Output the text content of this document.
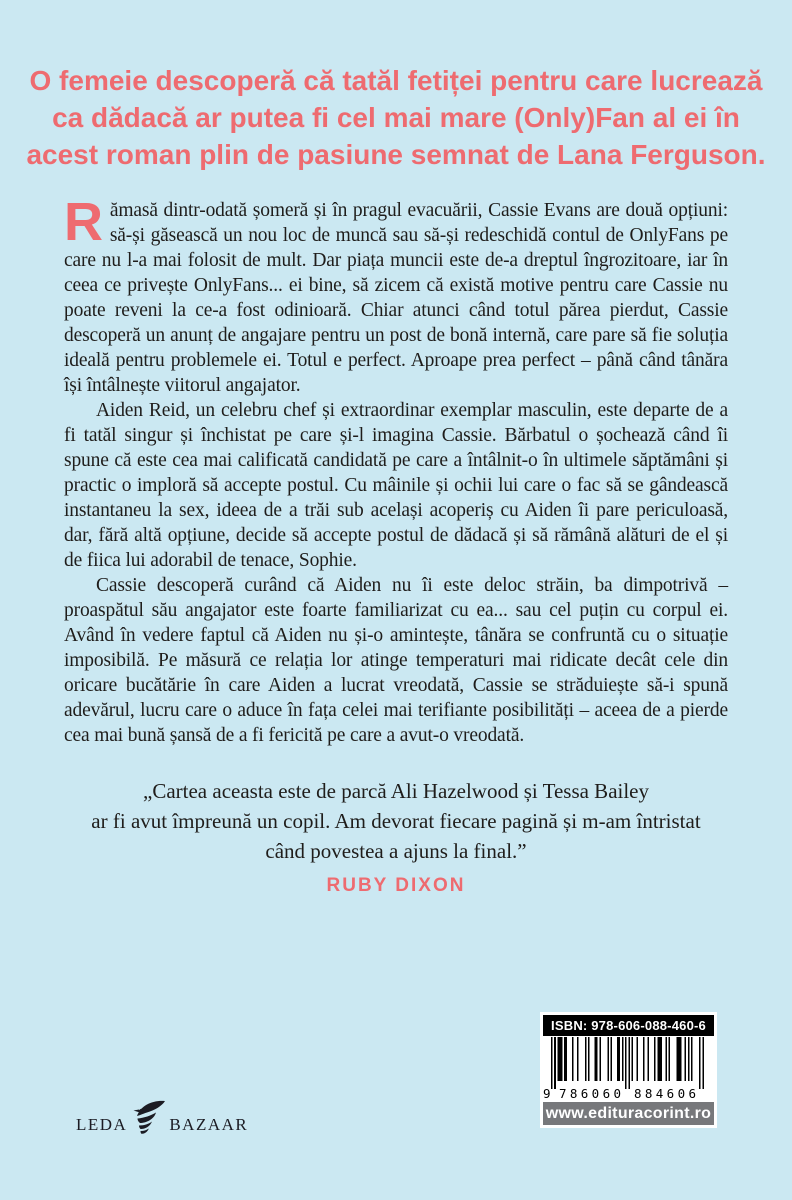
O femeie descoperă că tatăl fetiței pentru care lucrează
ca dădacă ar putea fi cel mai mare (Only)Fan al ei în
acest roman plin de pasiune semnat de Lana Ferguson.

Rămasă dintr-odată șomeră și în pragul evacuării, Cassie Evans are două opțiuni: să-și găsească un nou loc de muncă sau să-și redeschidă contul de OnlyFans pe care nu l-a mai folosit de mult. Dar piața muncii este de-a dreptul îngrozitoare, iar în ceea ce privește OnlyFans... ei bine, să zicem că există motive pentru care Cassie nu poate reveni la ce-a fost odinioară. Chiar atunci când totul părea pierdut, Cassie descoperă un anunț de angajare pentru un post de bonă internă, care pare să fie soluția ideală pentru problemele ei. Totul e perfect. Aproape prea perfect – până când tânăra își întâlnește viitorul angajator.

Aiden Reid, un celebru chef și extraordinar exemplar masculin, este departe de a fi tatăl singur și închistat pe care și-l imagina Cassie. Bărbatul o șochează când îi spune că este cea mai calificată candidată pe care a întâlnit-o în ultimele săptămâni și practic o imploră să accepte postul. Cu mâinile și ochii lui care o fac să se gândească instantaneu la sex, ideea de a trăi sub același acoperiș cu Aiden îi pare periculoasă, dar, fără altă opțiune, decide să accepte postul de dădacă și să rămână alături de el și de fiica lui adorabil de tenace, Sophie.

Cassie descoperă curând că Aiden nu îi este deloc străin, ba dimpotrivă – proaspătul său angajator este foarte familiarizat cu ea... sau cel puțin cu corpul ei. Având în vedere faptul că Aiden nu și-o amintește, tânăra se confruntă cu o situație imposibilă. Pe măsură ce relația lor atinge temperaturi mai ridicate decât cele din oricare bucătărie în care Aiden a lucrat vreodată, Cassie se străduiește să-i spună adevărul, lucru care o aduce în fața celei mai terifiante posibilități – aceea de a pierde cea mai bună șansă de a fi fericită pe care a avut-o vreodată.

„Cartea aceasta este de parcă Ali Hazelwood și Tessa Bailey
ar fi avut împreună un copil. Am devorat fiecare pagină și m-am întristat
când povestea a ajuns la final.”
RUBY DIXON
LEDA BAZAAR
ISBN: 978-606-088-460-6
9 786060 884606
www.edituracorint.ro
